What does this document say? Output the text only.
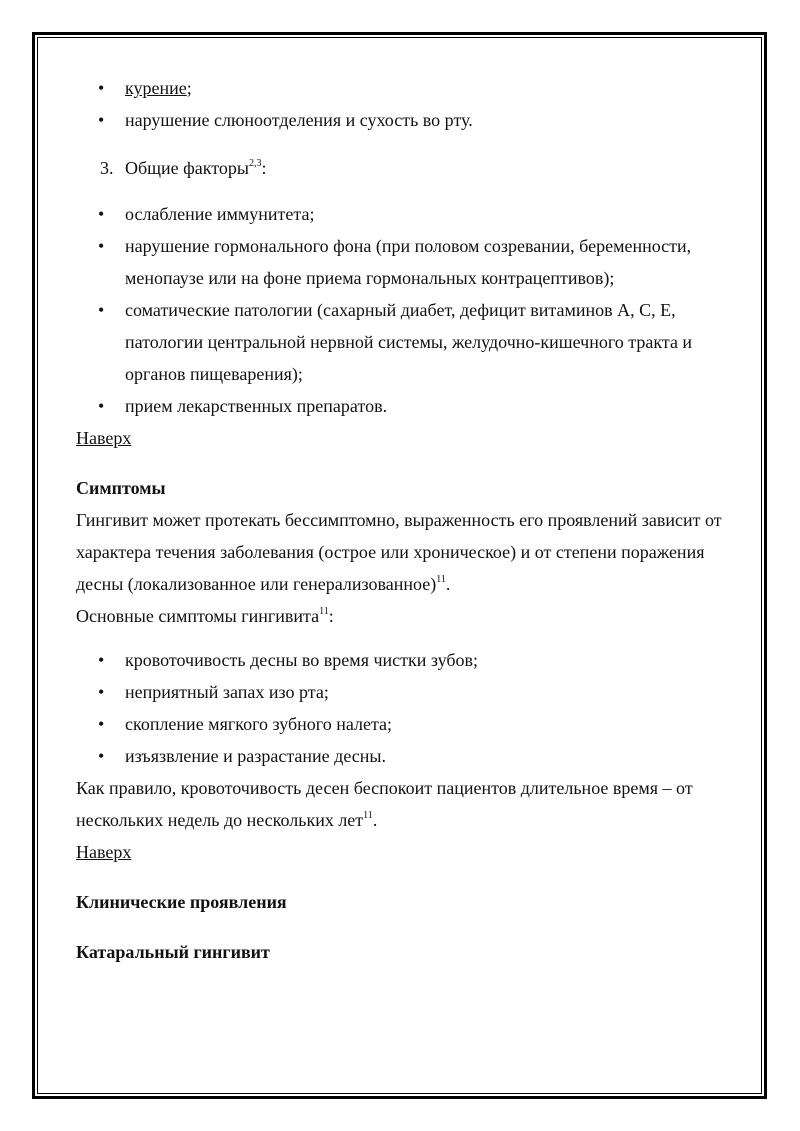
• курение;
• нарушение слюноотделения и сухость во рту.
3. Общие факторы$^{2,3}$:
• ослабление иммунитета;
• нарушение гормонального фона (при половом созревании, беременности, менопаузе или на фоне приема гормональных контрацептивов);
• соматические патологии (сахарный диабет, дефицит витаминов А, С, Е, патологии центральной нервной системы, желудочно-кишечного тракта и органов пищеварения);
• прием лекарственных препаратов.
Наверх
Симптомы

Гингивит может протекать бессимптомно, выраженность его проявлений зависит от характера течения заболевания (острое или хроническое) и от степени поражения десны (локализованное или генерализованное)$^{11}$.

Основные симптомы гингивита$^{11}$:

• кровоточивость десны во время чистки зубов;
• неприятный запах изо рта;
• скопление мягкого зубного налета;
• изъязвление и разрастание десны.

Как правило, кровоточивость десен беспокоит пациентов длительное время – от нескольких недель до нескольких лет$^{11}$.

Наверх
Клинические проявления
Катаральный гингивит
